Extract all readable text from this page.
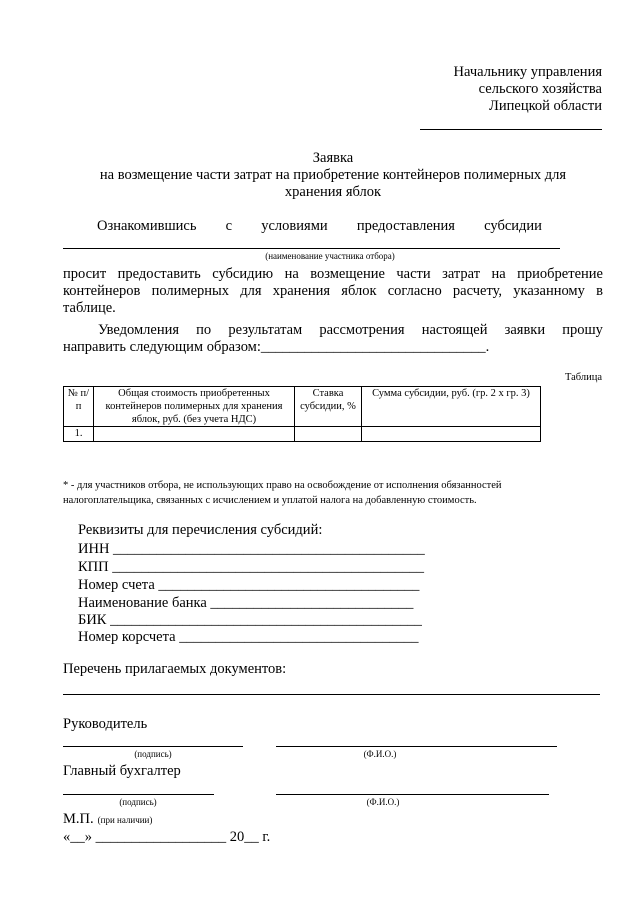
Начальнику управления
сельского хозяйства
Липецкой области
Заявка
на возмещение части затрат на приобретение контейнеров полимерных для
хранения яблок
Ознакомившись с условиями предоставления субсидии
(наименование участника отбора)
просит предоставить субсидию на возмещение части затрат на приобретение
контейнеров полимерных для хранения яблок согласно расчету, указанному в
таблице.
Уведомления по результатам рассмотрения настоящей заявки прошу
направить следующим образом:_______________________________.
Таблица
№ п/п	Общая стоимость приобретенных контейнеров полимерных для хранения яблок, руб. (без учета НДС)	Ставка субсидии, %	Сумма субсидии, руб. (гр. 2 х гр. 3)
1.			
* - для участников отбора, не использующих право на освобождение от исполнения обязанностей
налогоплательщика, связанных с исчислением и уплатой налога на добавленную стоимость.
Реквизиты для перечисления субсидий:
ИНН ___________________________________________
КПП ___________________________________________
Номер счета ____________________________________
Наименование банка ____________________________
БИК ___________________________________________
Номер корсчета _________________________________
Перечень прилагаемых документов:
Руководитель
(подпись)	(Ф.И.О.)
Главный бухгалтер
(подпись)	(Ф.И.О.)
М.П. (при наличии)
«__» __________________ 20__ г.
